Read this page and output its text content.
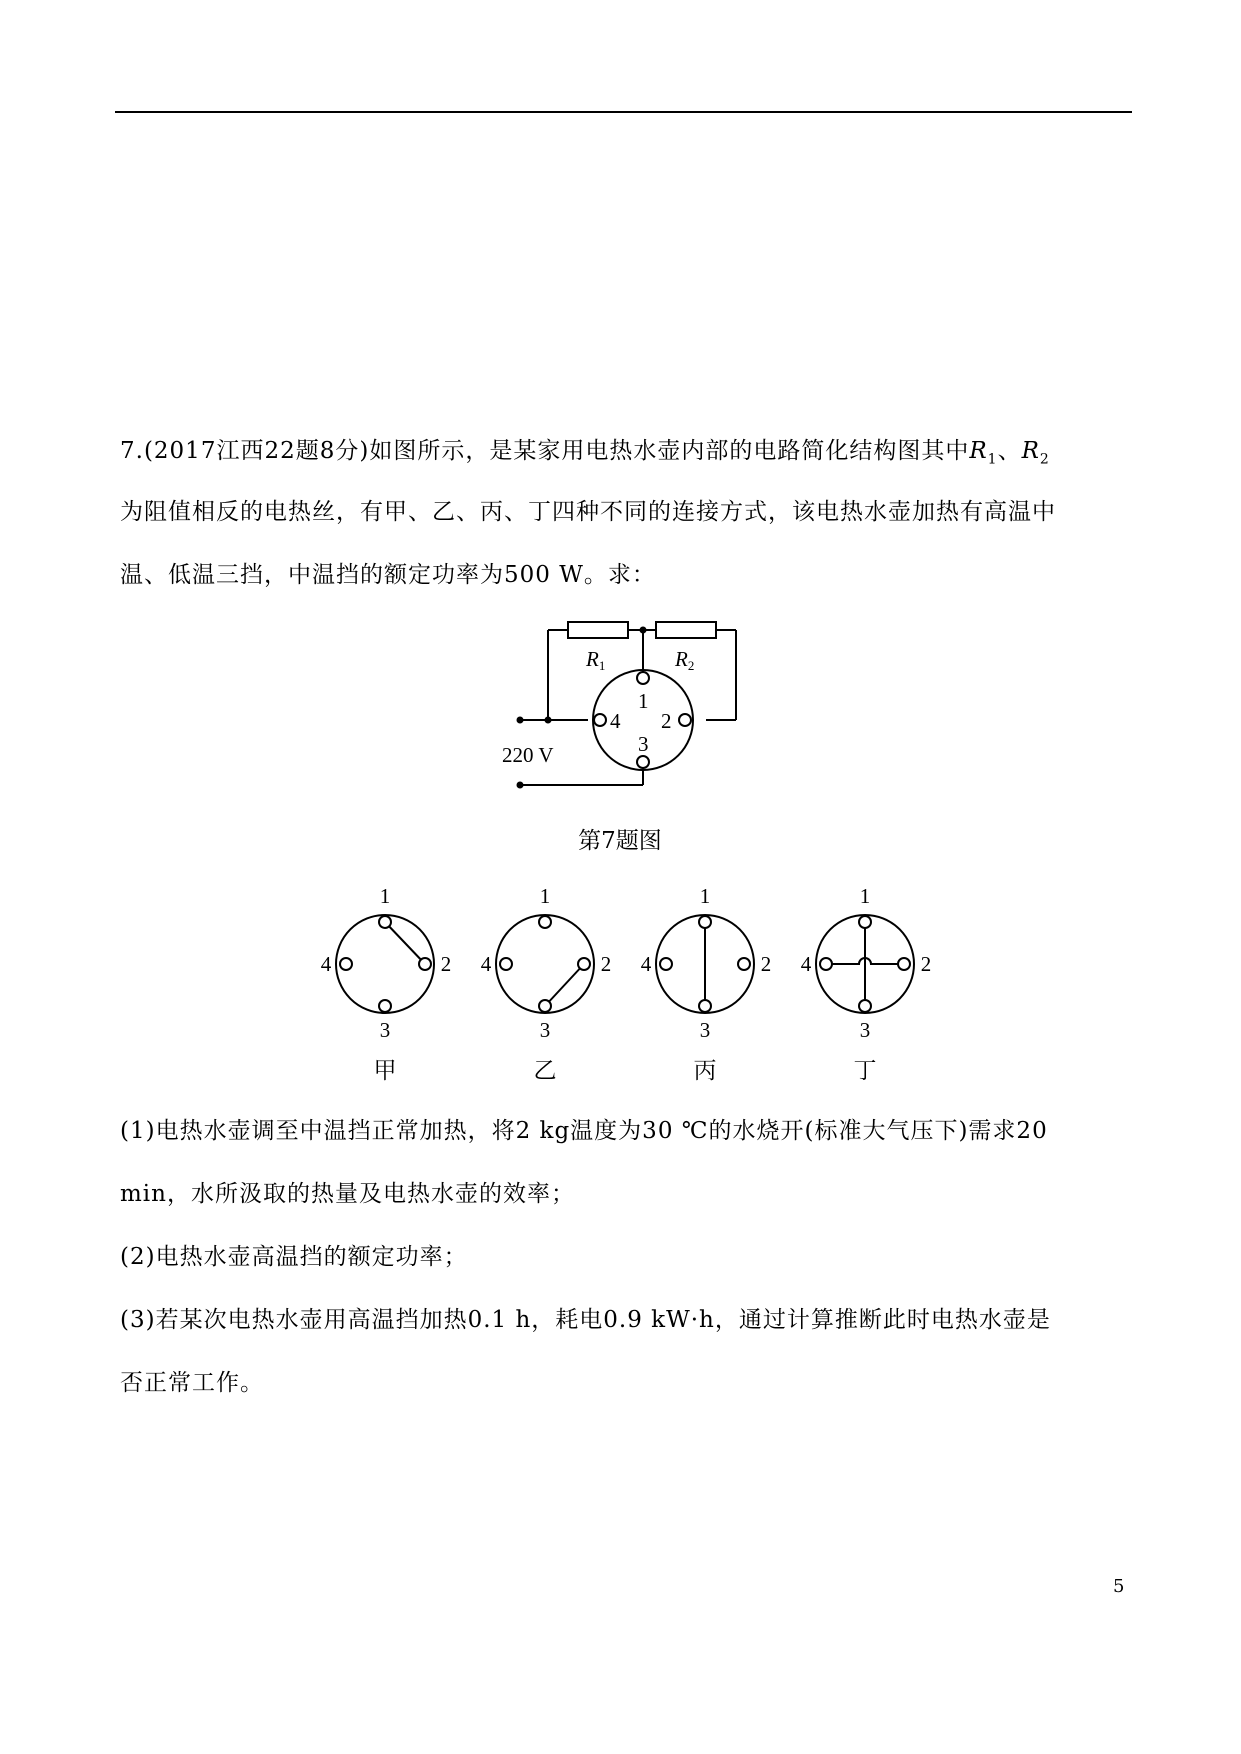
7.(2017江西22题8分)如图所示，是某家用电热水壶内部的电路简化结构图其中$R_1$、$R_2$
为阻值相反的电热丝，有甲、乙、丙、丁四种不同的连接方式，该电热水壶加热有高温中
温、低温三挡，中温挡的额定功率为500 W。求：
R1	R2
1
2
3
4
220 V
第7题图
1
2
3
4
甲
1
2
3
4
乙
1
2
3
4
丙
1
2
3
4
丁
(1)电热水壶调至中温挡正常加热，将2 kg温度为30 ℃的水烧开(标准大气压下)需求20
min，水所汲取的热量及电热水壶的效率；
(2)电热水壶高温挡的额定功率；
(3)若某次电热水壶用高温挡加热0.1 h，耗电0.9 kW·h，通过计算推断此时电热水壶是
否正常工作。
5
